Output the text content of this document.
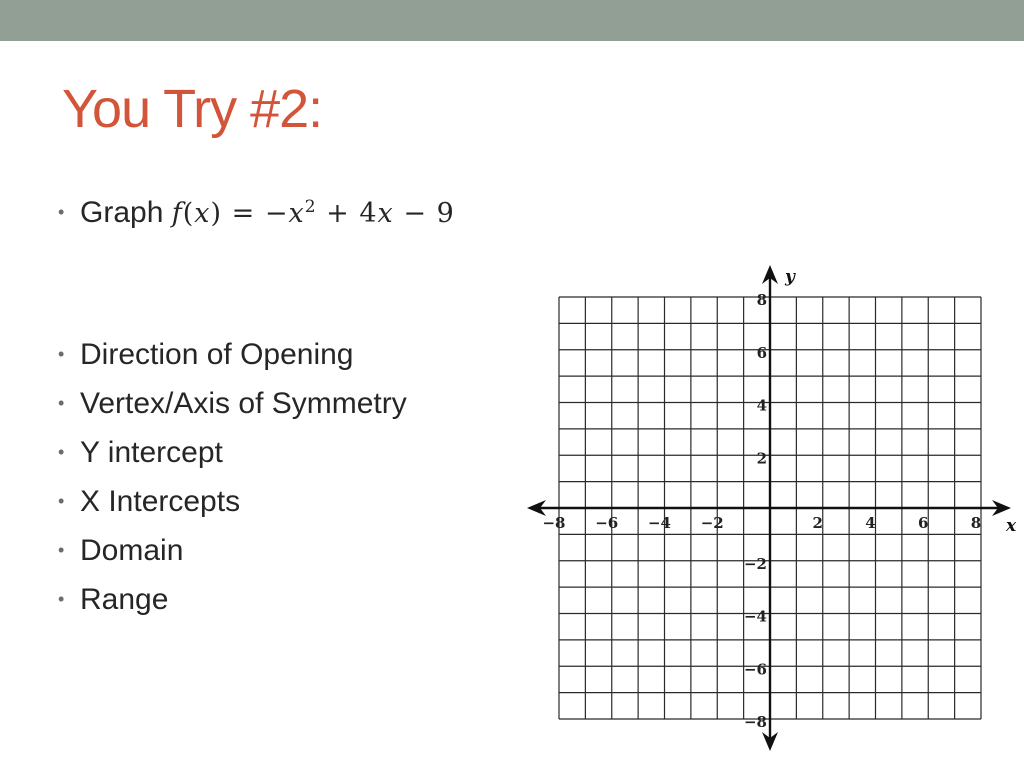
You Try #2:
• Graph $f(x) = -x^2 + 4x - 9$
• Direction of Opening
• Vertex/Axis of Symmetry
• Y intercept
• X Intercepts
• Domain
• Range
−8 −6 −4 −2	2	4	6	8
8
6
4
2
−2
−4
−6
−8
x
y
